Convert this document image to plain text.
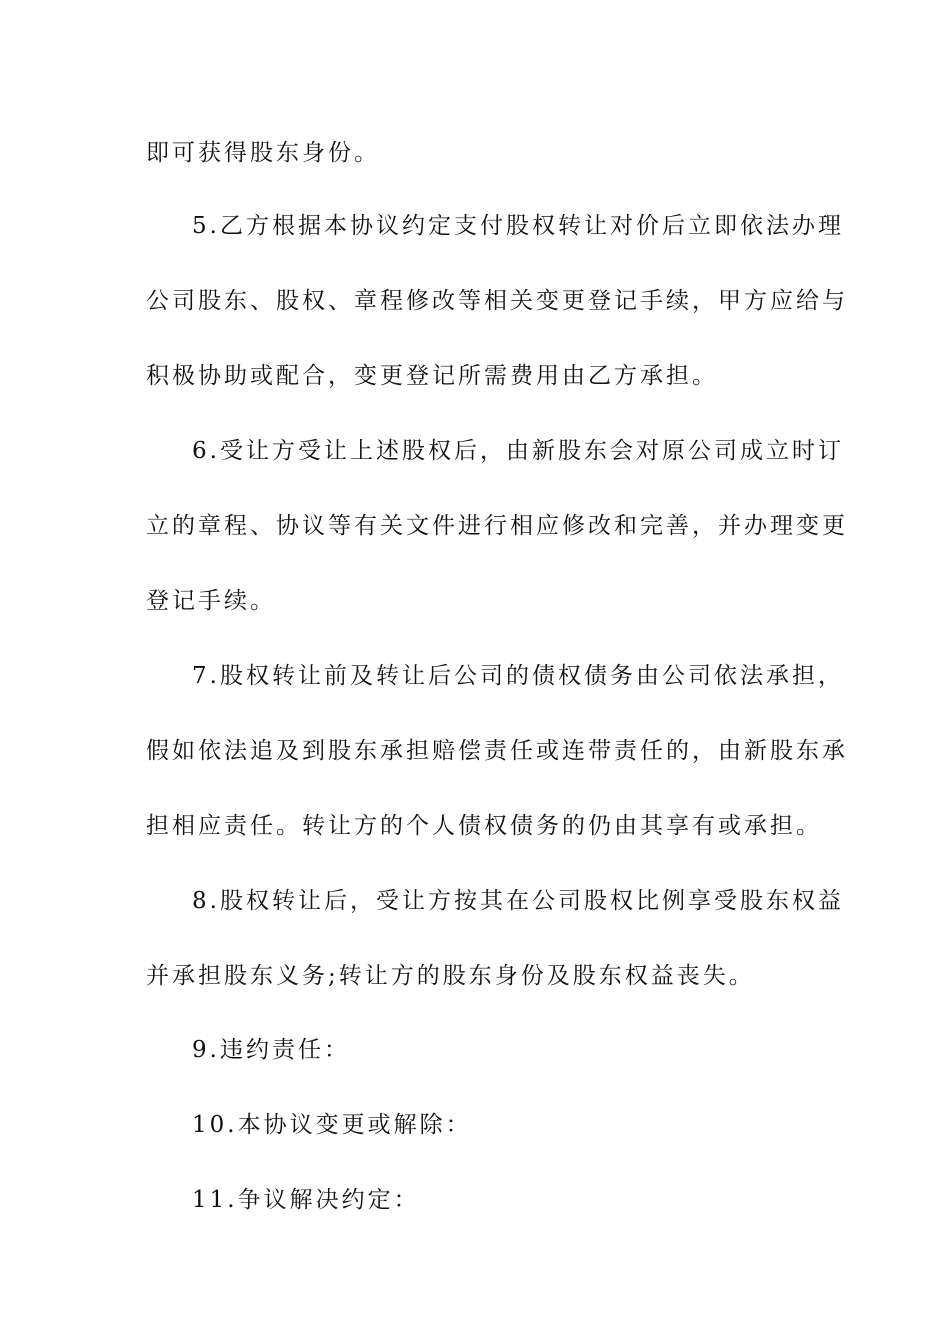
即可获得股东身份。
5.乙方根据本协议约定支付股权转让对价后立即依法办理
公司股东、股权、章程修改等相关变更登记手续，甲方应给与
积极协助或配合，变更登记所需费用由乙方承担。
6.受让方受让上述股权后，由新股东会对原公司成立时订
立的章程、协议等有关文件进行相应修改和完善，并办理变更
登记手续。
7.股权转让前及转让后公司的债权债务由公司依法承担，
假如依法追及到股东承担赔偿责任或连带责任的，由新股东承
担相应责任。转让方的个人债权债务的仍由其享有或承担。
8.股权转让后，受让方按其在公司股权比例享受股东权益
并承担股东义务;转让方的股东身份及股东权益丧失。
9.违约责任：
10.本协议变更或解除：
11.争议解决约定：
